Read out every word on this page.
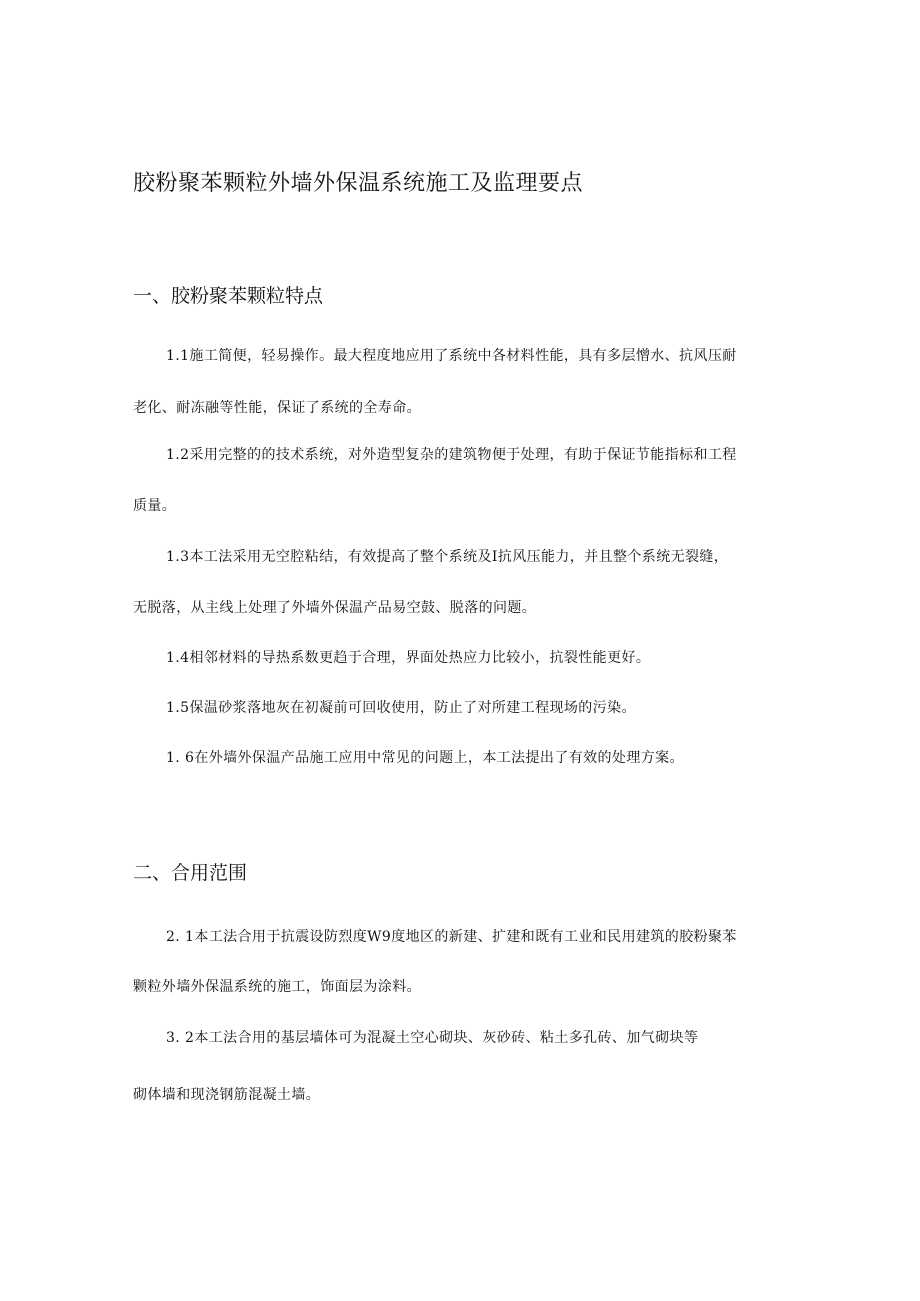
胶粉聚苯颗粒外墙外保温系统施工及监理要点
一、胶粉聚苯颗粒特点
1.1施工简便，轻易操作。最大程度地应用了系统中各材料性能，具有多层憎水、抗风压耐
老化、耐冻融等性能，保证了系统的全寿命。
1.2采用完整的的技术系统，对外造型复杂的建筑物便于处理，有助于保证节能指标和工程
质量。
1.3本工法采用无空腔粘结，有效提高了整个系统及I抗风压能力，并且整个系统无裂缝，
无脱落，从主线上处理了外墙外保温产品易空鼓、脱落的问题。
1.4相邻材料的导热系数更趋于合理，界面处热应力比较小，抗裂性能更好。
1.5保温砂浆落地灰在初凝前可回收使用，防止了对所建工程现场的污染。
1. 6在外墙外保温产品施工应用中常见的问题上，本工法提出了有效的处理方案。
二、合用范围
2. 1本工法合用于抗震设防烈度W9度地区的新建、扩建和既有工业和民用建筑的胶粉聚苯
颗粒外墙外保温系统的施工，饰面层为涂料。
3. 2本工法合用的基层墙体可为混凝土空心砌块、灰砂砖、粘土多孔砖、加气砌块等
砌体墙和现浇钢筋混凝土墙。
